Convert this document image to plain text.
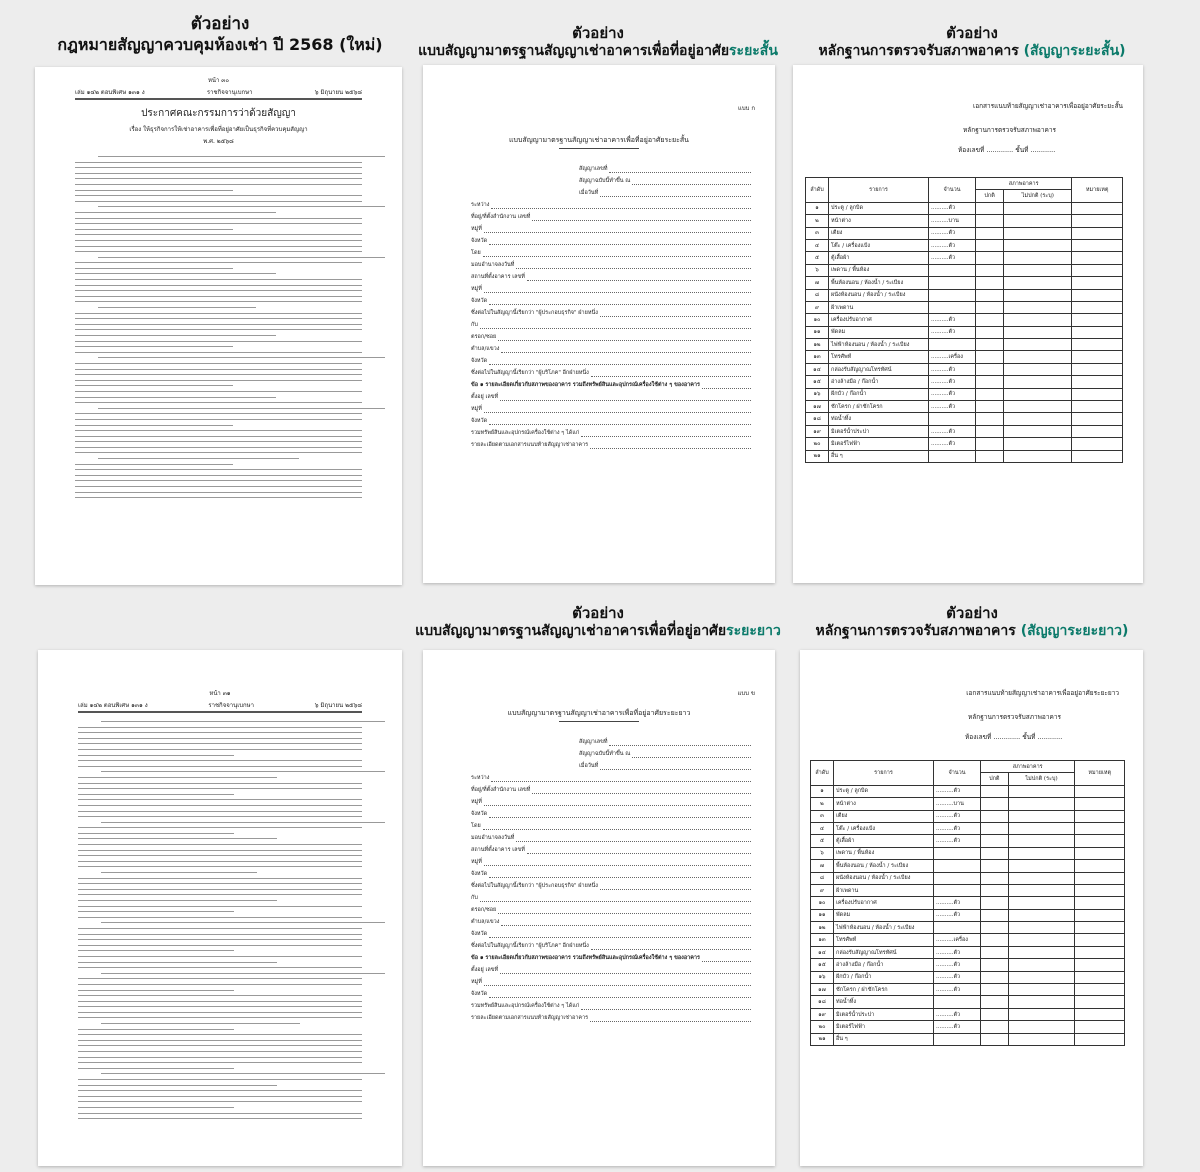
ตัวอย่าง
กฎหมายสัญญาควบคุมห้องเช่า ปี 2568 (ใหม่)
ตัวอย่าง
แบบสัญญามาตรฐานสัญญาเช่าอาคารเพื่อที่อยู่อาศัยระยะสั้น
ตัวอย่าง
หลักฐานการตรวจรับสภาพอาคาร (สัญญาระยะสั้น)
หน้า ๓๐
เล่ม ๑๔๒ ตอนพิเศษ ๑๓๑ ง	ราชกิจจานุเบกษา	๖ มิถุนายน ๒๕๖๘
ประกาศคณะกรรมการว่าด้วยสัญญา
เรื่อง ให้ธุรกิจการให้เช่าอาคารเพื่อที่อยู่อาศัยเป็นธุรกิจที่ควบคุมสัญญา
พ.ศ. ๒๕๖๘
แบบ ก
แบบสัญญามาตรฐานสัญญาเช่าอาคารเพื่อที่อยู่อาศัยระยะสั้น
สัญญาเลขที่
สัญญาฉบับนี้ทำขึ้น ณ
เมื่อวันที่
ระหว่าง
ที่อยู่/ที่ตั้งสำนักงาน เลขที่
หมู่ที่
จังหวัด
โดย
มอบอำนาจลงวันที่
สถานที่ตั้งอาคาร เลขที่
หมู่ที่
จังหวัด
ซึ่งต่อไปในสัญญานี้เรียกว่า "ผู้ประกอบธุรกิจ" ฝ่ายหนึ่ง
กับ
ตรอก/ซอย
ตำบล/แขวง
จังหวัด
ซึ่งต่อไปในสัญญานี้เรียกว่า "ผู้บริโภค" อีกฝ่ายหนึ่ง
ข้อ ๑ รายละเอียดเกี่ยวกับสภาพของอาคาร รวมถึงทรัพย์สินและอุปกรณ์เครื่องใช้ต่าง ๆ ของอาคาร
ตั้งอยู่ เลขที่
หมู่ที่
จังหวัด
รวมทรัพย์สินและอุปกรณ์เครื่องใช้ต่าง ๆ ได้แก่
รายละเอียดตามเอกสารแนบท้ายสัญญาเช่าอาคาร
เอกสารแนบท้ายสัญญาเช่าอาคารเพื่ออยู่อาศัยระยะสั้น
หลักฐานการตรวจรับสภาพอาคาร
ห้องเลขที่ ............. ชั้นที่ ............
ลำดับ	รายการ	จำนวน	สภาพอาคาร		หมายเหตุ
			ปกติ	ไม่ปกติ (ระบุ)	
๑	ประตู / ลูกบิด	..........ตัว			
๒	หน้าต่าง	..........บาน			
๓	เตียง	..........ตัว			
๔	โต๊ะ / เครื่องแป้ง	..........ตัว			
๕	ตู้เสื้อผ้า	..........ตัว			
๖	เพดาน / พื้นห้อง				
๗	พื้นห้องนอน / ห้องน้ำ / ระเบียง				
๘	ผนังห้องนอน / ห้องน้ำ / ระเบียง				
๙	ฝ้าเพดาน				
๑๐	เครื่องปรับอากาศ	..........ตัว			
๑๑	พัดลม	..........ตัว			
๑๒	ไฟฟ้าห้องนอน / ห้องน้ำ / ระเบียง				
๑๓	โทรศัพท์	..........เครื่อง			
๑๔	กล่องรับสัญญาณโทรทัศน์	..........ตัว			
๑๕	อ่างล้างมือ / ก๊อกน้ำ	..........ตัว			
๑๖	ฝักบัว / ก๊อกน้ำ	..........ตัว			
๑๗	ชักโครก / ฝาชักโครก	..........ตัว			
๑๘	ท่อน้ำทิ้ง				
๑๙	มิเตอร์น้ำประปา	..........ตัว			
๒๐	มิเตอร์ไฟฟ้า	..........ตัว			
๒๑	อื่น ๆ				
ตัวอย่าง
แบบสัญญามาตรฐานสัญญาเช่าอาคารเพื่อที่อยู่อาศัยระยะยาว
ตัวอย่าง
หลักฐานการตรวจรับสภาพอาคาร (สัญญาระยะยาว)
หน้า ๓๑
เล่ม ๑๔๒ ตอนพิเศษ ๑๓๑ ง	ราชกิจจานุเบกษา	๖ มิถุนายน ๒๕๖๘
แบบ ข
แบบสัญญามาตรฐานสัญญาเช่าอาคารเพื่อที่อยู่อาศัยระยะยาว
สัญญาเลขที่
สัญญาฉบับนี้ทำขึ้น ณ
เมื่อวันที่
ระหว่าง
ที่อยู่/ที่ตั้งสำนักงาน เลขที่
หมู่ที่
จังหวัด
โดย
มอบอำนาจลงวันที่
สถานที่ตั้งอาคาร เลขที่
หมู่ที่
จังหวัด
ซึ่งต่อไปในสัญญานี้เรียกว่า "ผู้ประกอบธุรกิจ" ฝ่ายหนึ่ง
กับ
ตรอก/ซอย
ตำบล/แขวง
จังหวัด
ซึ่งต่อไปในสัญญานี้เรียกว่า "ผู้บริโภค" อีกฝ่ายหนึ่ง
ข้อ ๑ รายละเอียดเกี่ยวกับสภาพของอาคาร รวมถึงทรัพย์สินและอุปกรณ์เครื่องใช้ต่าง ๆ ของอาคาร
ตั้งอยู่ เลขที่
หมู่ที่
จังหวัด
รวมทรัพย์สินและอุปกรณ์เครื่องใช้ต่าง ๆ ได้แก่
รายละเอียดตามเอกสารแนบท้ายสัญญาเช่าอาคาร
เอกสารแนบท้ายสัญญาเช่าอาคารเพื่ออยู่อาศัยระยะยาว
หลักฐานการตรวจรับสภาพอาคาร
ห้องเลขที่ ............. ชั้นที่ ............
ลำดับ	รายการ	จำนวน	สภาพอาคาร		หมายเหตุ
			ปกติ	ไม่ปกติ (ระบุ)	
๑	ประตู / ลูกบิด	..........ตัว			
๒	หน้าต่าง	..........บาน			
๓	เตียง	..........ตัว			
๔	โต๊ะ / เครื่องแป้ง	..........ตัว			
๕	ตู้เสื้อผ้า	..........ตัว			
๖	เพดาน / พื้นห้อง				
๗	พื้นห้องนอน / ห้องน้ำ / ระเบียง				
๘	ผนังห้องนอน / ห้องน้ำ / ระเบียง				
๙	ฝ้าเพดาน				
๑๐	เครื่องปรับอากาศ	..........ตัว			
๑๑	พัดลม	..........ตัว			
๑๒	ไฟฟ้าห้องนอน / ห้องน้ำ / ระเบียง				
๑๓	โทรศัพท์	..........เครื่อง			
๑๔	กล่องรับสัญญาณโทรทัศน์	..........ตัว			
๑๕	อ่างล้างมือ / ก๊อกน้ำ	..........ตัว			
๑๖	ฝักบัว / ก๊อกน้ำ	..........ตัว			
๑๗	ชักโครก / ฝาชักโครก	..........ตัว			
๑๘	ท่อน้ำทิ้ง				
๑๙	มิเตอร์น้ำประปา	..........ตัว			
๒๐	มิเตอร์ไฟฟ้า	..........ตัว			
๒๑	อื่น ๆ				
